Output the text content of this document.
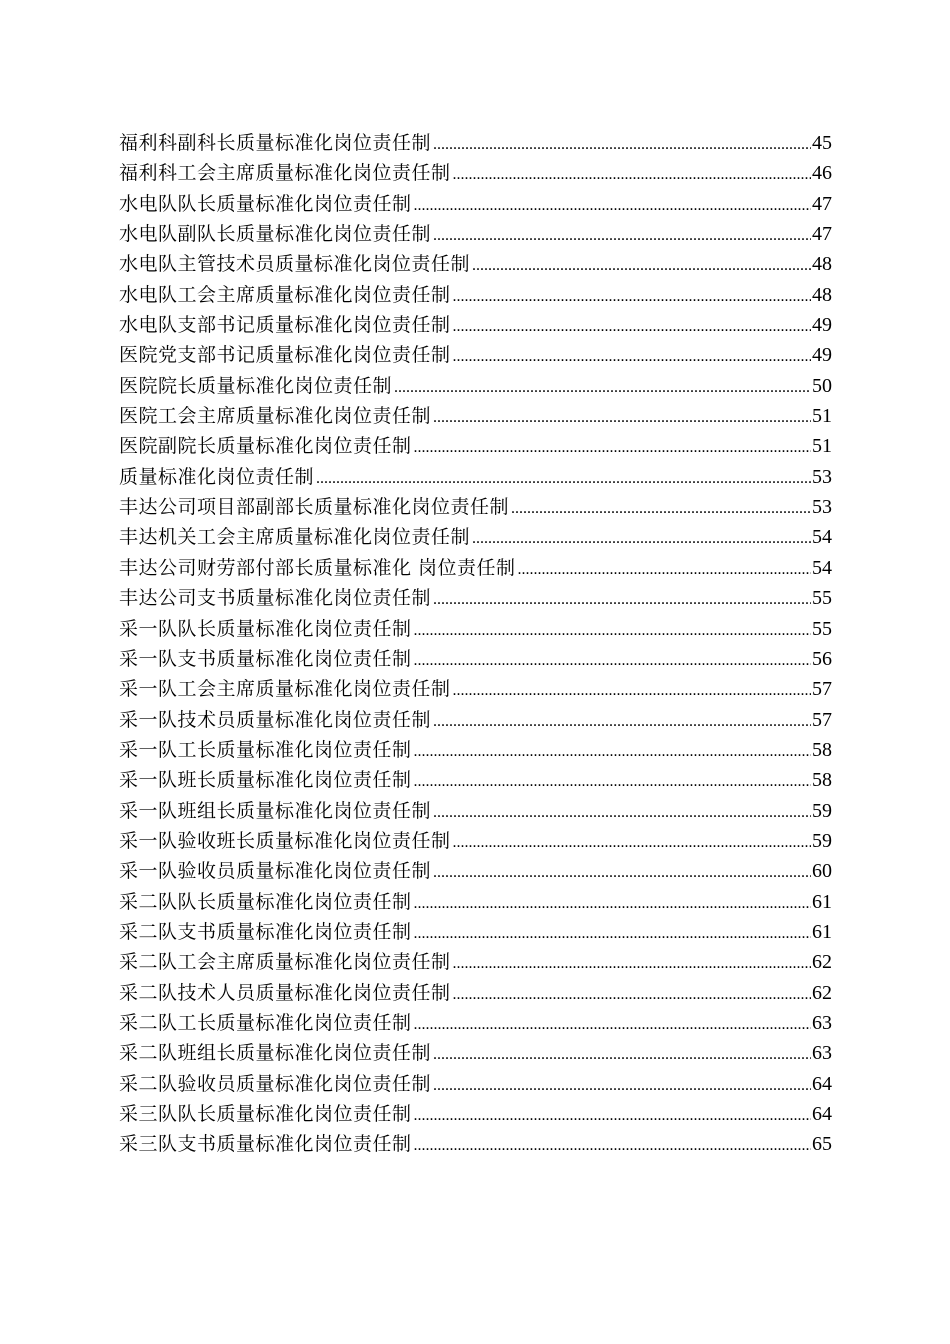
福利科副科长质量标准化岗位责任制 .....	45
福利科工会主席质量标准化岗位责任制 .....	46
水电队队长质量标准化岗位责任制 .....	47
水电队副队长质量标准化岗位责任制 .....	47
水电队主管技术员质量标准化岗位责任制 .....	48
水电队工会主席质量标准化岗位责任制 .....	48
水电队支部书记质量标准化岗位责任制 .....	49
医院党支部书记质量标准化岗位责任制 .....	49
医院院长质量标准化岗位责任制 .....	50
医院工会主席质量标准化岗位责任制 .....	51
医院副院长质量标准化岗位责任制 .....	51
质量标准化岗位责任制 .....	53
丰达公司项目部副部长质量标准化岗位责任制 .....	53
丰达机关工会主席质量标准化岗位责任制 .....	54
丰达公司财劳部付部长质量标准化 岗位责任制 .....	54
丰达公司支书质量标准化岗位责任制 .....	55
采一队队长质量标准化岗位责任制 .....	55
采一队支书质量标准化岗位责任制 .....	56
采一队工会主席质量标准化岗位责任制 .....	57
采一队技术员质量标准化岗位责任制 .....	57
采一队工长质量标准化岗位责任制 .....	58
采一队班长质量标准化岗位责任制 .....	58
采一队班组长质量标准化岗位责任制 .....	59
采一队验收班长质量标准化岗位责任制 .....	59
采一队验收员质量标准化岗位责任制 .....	60
采二队队长质量标准化岗位责任制 .....	61
采二队支书质量标准化岗位责任制 .....	61
采二队工会主席质量标准化岗位责任制 .....	62
采二队技术人员质量标准化岗位责任制 .....	62
采二队工长质量标准化岗位责任制 .....	63
采二队班组长质量标准化岗位责任制 .....	63
采二队验收员质量标准化岗位责任制 .....	64
采三队队长质量标准化岗位责任制 .....	64
采三队支书质量标准化岗位责任制 .....	65
